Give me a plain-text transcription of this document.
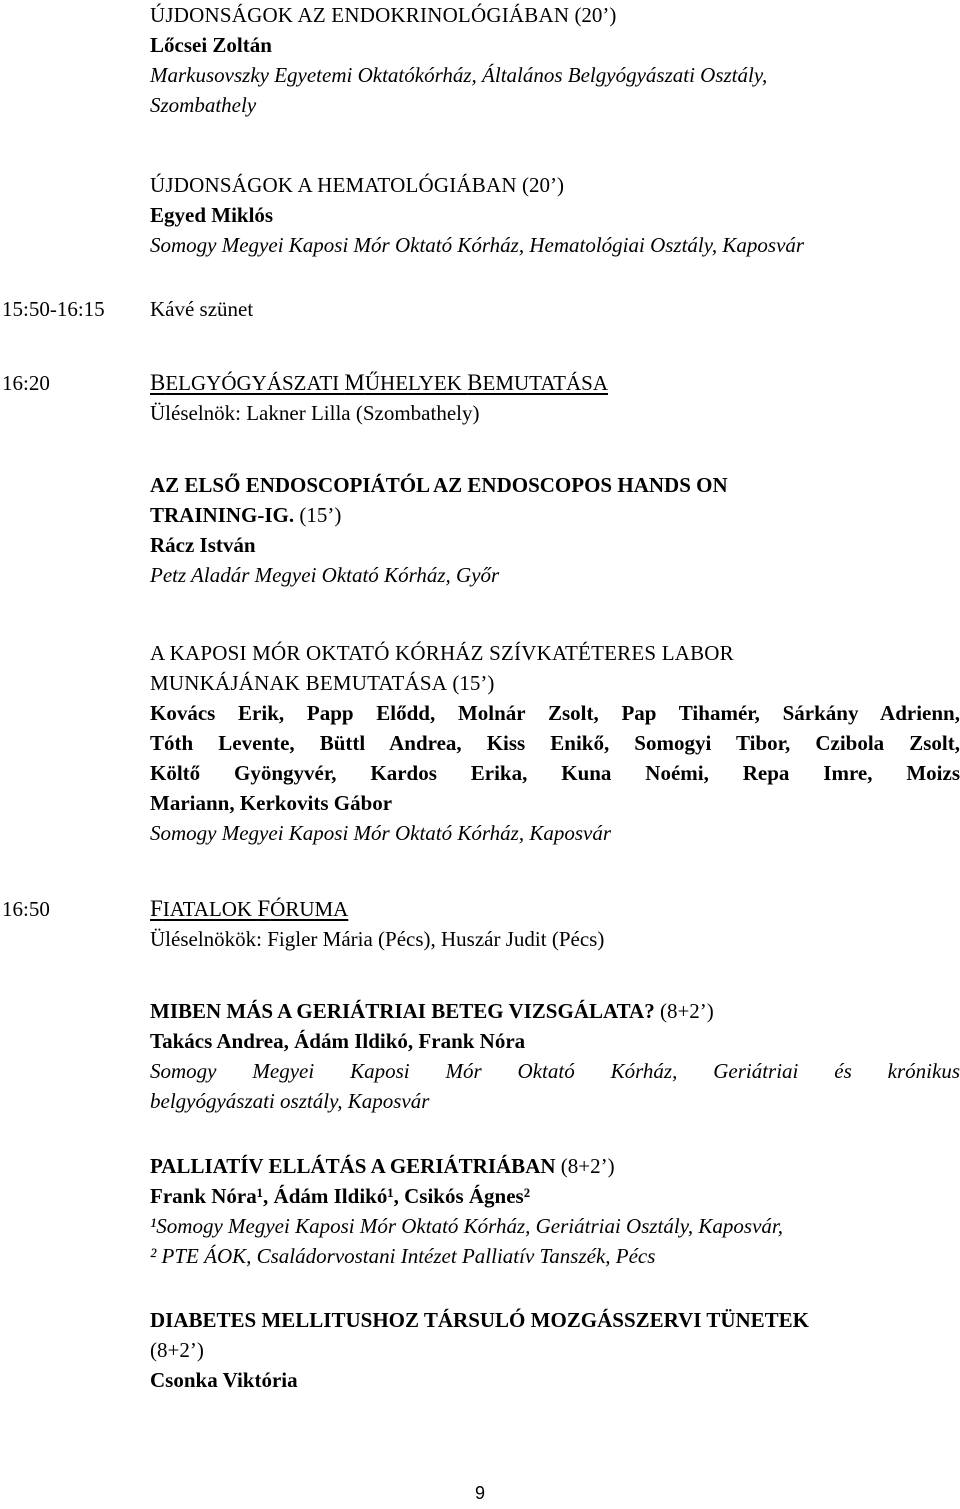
ÚJDONSÁGOK AZ ENDOKRINOLÓGIÁBAN (20’)
Lőcsei Zoltán
Markusovszky Egyetemi Oktatókórház, Általános Belgyógyászati Osztály,
Szombathely
ÚJDONSÁGOK A HEMATOLÓGIÁBAN (20’)
Egyed Miklós
Somogy Megyei Kaposi Mór Oktató Kórház, Hematológiai Osztály, Kaposvár
15:50-16:15 Kávé szünet
16:20	BELGYÓGYÁSZATI MŰHELYEK BEMUTATÁSA
Üléselnök: Lakner Lilla (Szombathely)
AZ ELSŐ ENDOSCOPIÁTÓL AZ ENDOSCOPOS HANDS ON
TRAINING-IG. (15’)
Rácz István
Petz Aladár Megyei Oktató Kórház, Győr
A KAPOSI MÓR OKTATÓ KÓRHÁZ SZÍVKATÉTERES LABOR
MUNKÁJÁNAK BEMUTATÁSA (15’)
Kovács Erik, Papp Elődd, Molnár Zsolt, Pap Tihamér, Sárkány Adrienn,
Tóth Levente, Büttl Andrea, Kiss Enikő, Somogyi Tibor, Czibola Zsolt,
Költő Gyöngyvér, Kardos Erika, Kuna Noémi, Repa Imre, Moizs
Mariann, Kerkovits Gábor
Somogy Megyei Kaposi Mór Oktató Kórház, Kaposvár
16:50	FIATALOK FÓRUMA
Üléselnökök: Figler Mária (Pécs), Huszár Judit (Pécs)
MIBEN MÁS A GERIÁTRIAI BETEG VIZSGÁLATA? (8+2’)
Takács Andrea, Ádám Ildikó, Frank Nóra
Somogy Megyei Kaposi Mór Oktató Kórház, Geriátriai és krónikus
belgyógyászati osztály, Kaposvár
PALLIATÍV ELLÁTÁS A GERIÁTRIÁBAN (8+2’)
Frank Nóra¹, Ádám Ildikó¹, Csikós Ágnes²
¹Somogy Megyei Kaposi Mór Oktató Kórház, Geriátriai Osztály, Kaposvár,
² PTE ÁOK, Családorvostani Intézet Palliatív Tanszék, Pécs
DIABETES MELLITUSHOZ TÁRSULÓ MOZGÁSSZERVI TÜNETEK
(8+2’)
Csonka Viktória
9
